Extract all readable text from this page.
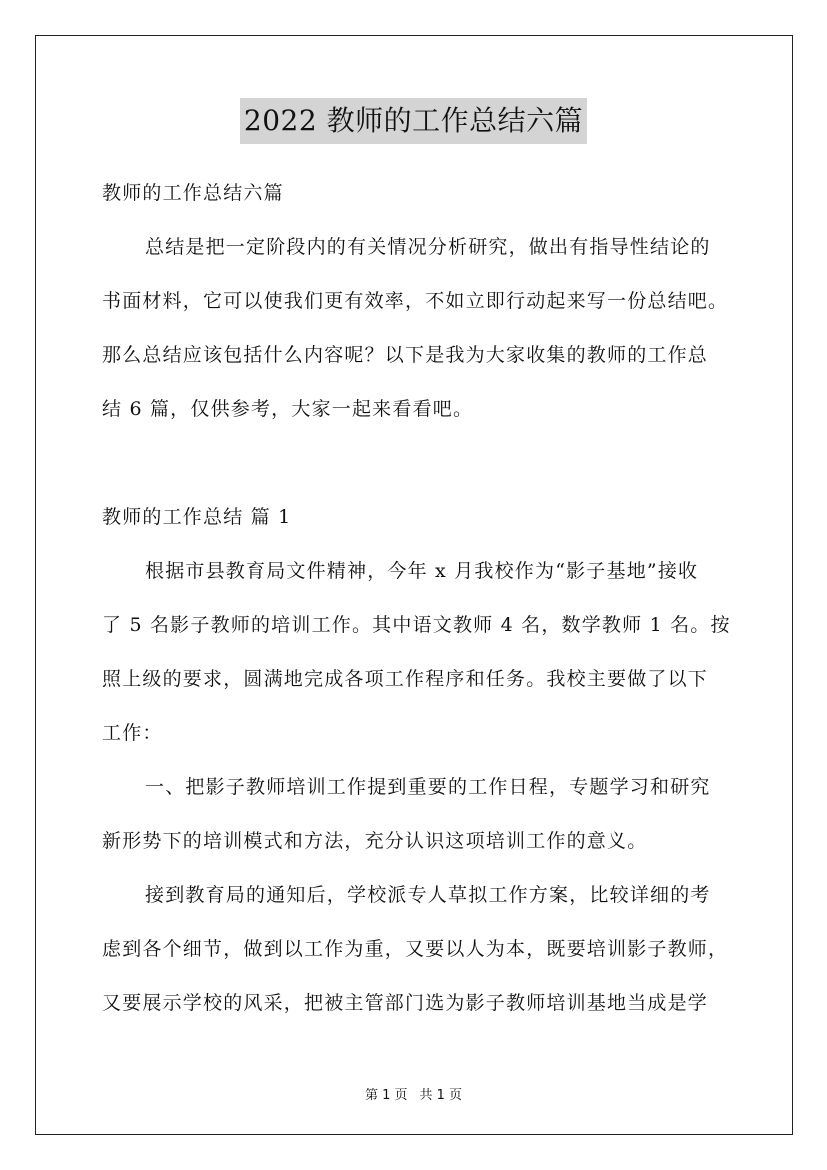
2022 教师的工作总结六篇
教师的工作总结六篇
总结是把一定阶段内的有关情况分析研究，做出有指导性结论的
书面材料，它可以使我们更有效率，不如立即行动起来写一份总结吧。
那么总结应该包括什么内容呢？以下是我为大家收集的教师的工作总
结 6 篇，仅供参考，大家一起来看看吧。
教师的工作总结 篇 1
根据市县教育局文件精神，今年 x 月我校作为“影子基地”接收
了 5 名影子教师的培训工作。其中语文教师 4 名，数学教师 1 名。按
照上级的要求，圆满地完成各项工作程序和任务。我校主要做了以下
工作：
一、把影子教师培训工作提到重要的工作日程，专题学习和研究
新形势下的培训模式和方法，充分认识这项培训工作的意义。
接到教育局的通知后，学校派专人草拟工作方案，比较详细的考
虑到各个细节，做到以工作为重，又要以人为本，既要培训影子教师，
又要展示学校的风采，把被主管部门选为影子教师培训基地当成是学
第 1 页 共 1 页
